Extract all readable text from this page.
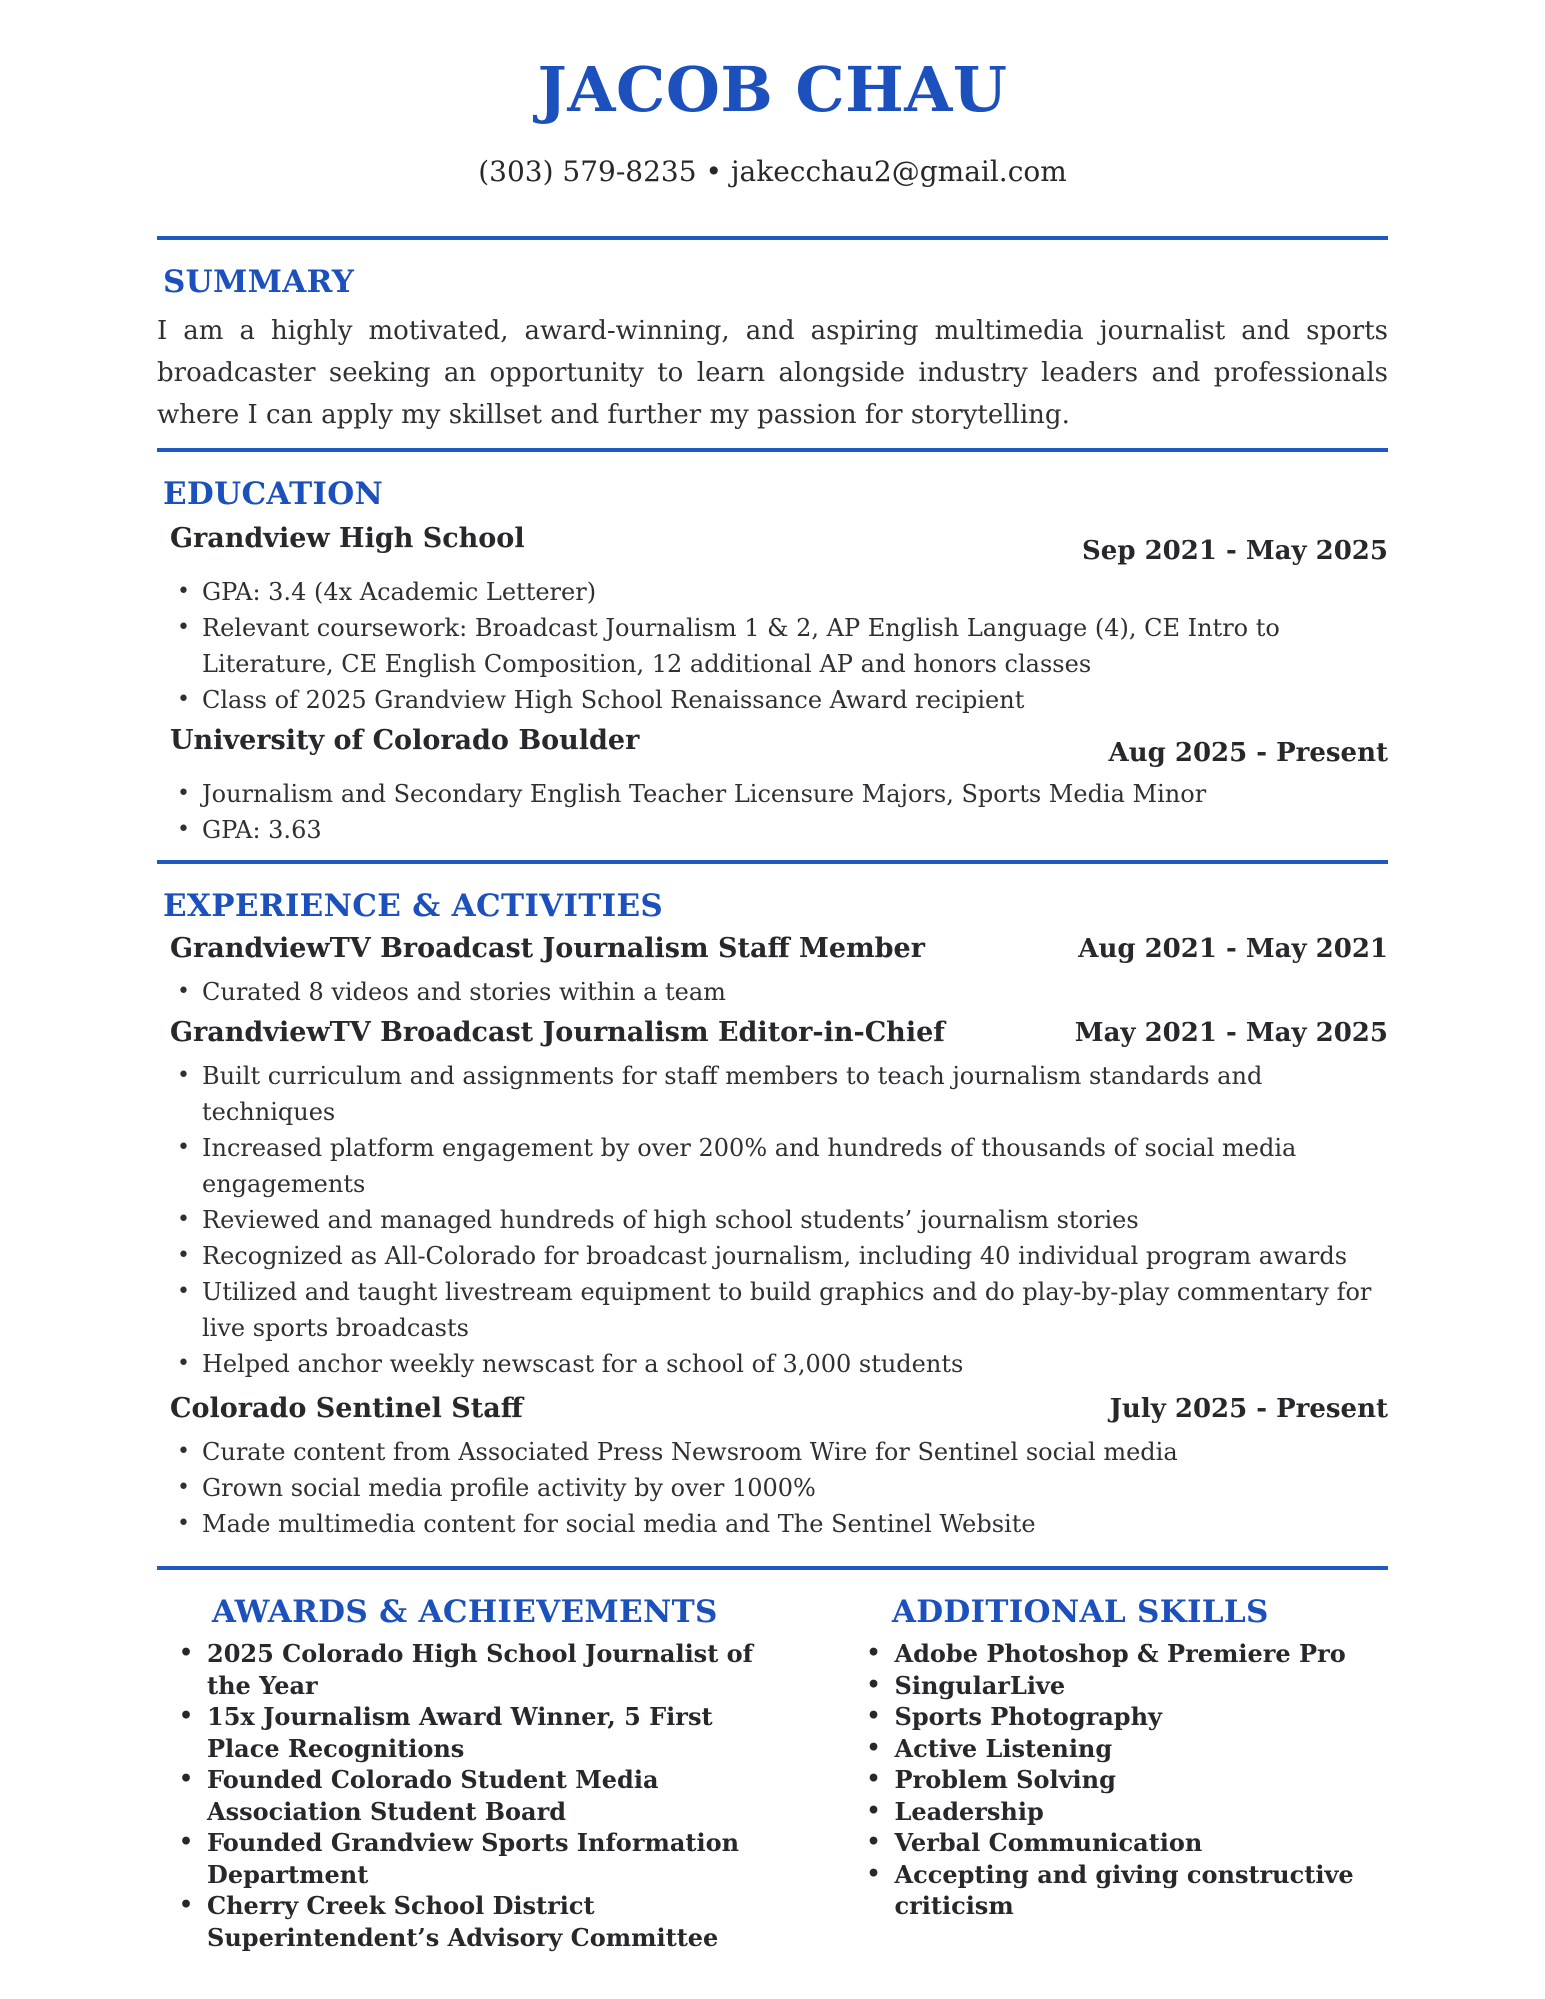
JACOB CHAU
(303) 579-8235 • jakecchau2@gmail.com
SUMMARY

I am a highly motivated, award-winning, and aspiring multimedia journalist and sports broadcaster seeking an opportunity to learn alongside industry leaders and professionals where I can apply my skillset and further my passion for storytelling.

EDUCATION
Grandview High School	Sep 2021 - May 2025
• GPA: 3.4 (4x Academic Letterer)
• Relevant coursework: Broadcast Journalism 1 & 2, AP English Language (4), CE Intro to Literature, CE English Composition, 12 additional AP and honors classes
• Class of 2025 Grandview High School Renaissance Award recipient
University of Colorado Boulder	Aug 2025 - Present
• Journalism and Secondary English Teacher Licensure Majors, Sports Media Minor
• GPA: 3.63
EXPERIENCE & ACTIVITIES
GrandviewTV Broadcast Journalism Staff Member	Aug 2021 - May 2021
• Curated 8 videos and stories within a team
GrandviewTV Broadcast Journalism Editor-in-Chief	May 2021 - May 2025
• Built curriculum and assignments for staff members to teach journalism standards and techniques
• Increased platform engagement by over 200% and hundreds of thousands of social media engagements
• Reviewed and managed hundreds of high school students’ journalism stories
• Recognized as All-Colorado for broadcast journalism, including 40 individual program awards
• Utilized and taught livestream equipment to build graphics and do play-by-play commentary for live sports broadcasts
• Helped anchor weekly newscast for a school of 3,000 students
Colorado Sentinel Staff	July 2025 - Present
• Curate content from Associated Press Newsroom Wire for Sentinel social media
• Grown social media profile activity by over 1000%
• Made multimedia content for social media and The Sentinel Website
AWARDS & ACHIEVEMENTS
• 2025 Colorado High School Journalist of the Year
• 15x Journalism Award Winner, 5 First Place Recognitions
• Founded Colorado Student Media Association Student Board
• Founded Grandview Sports Information Department
• Cherry Creek School District Superintendent’s Advisory Committee
ADDITIONAL SKILLS
• Adobe Photoshop & Premiere Pro
• SingularLive
• Sports Photography
• Active Listening
• Problem Solving
• Leadership
• Verbal Communication
• Accepting and giving constructive criticism
